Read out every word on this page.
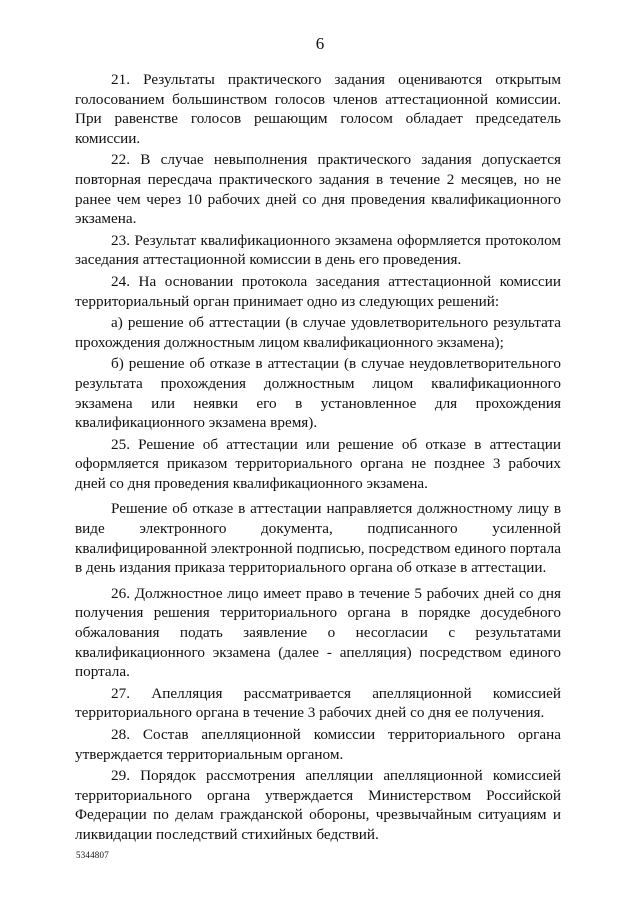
6

21. Результаты практического задания оцениваются открытым голосованием большинством голосов членов аттестационной комиссии. При равенстве голосов решающим голосом обладает председатель комиссии.

22. В случае невыполнения практического задания допускается повторная пересдача практического задания в течение 2 месяцев, но не ранее чем через 10 рабочих дней со дня проведения квалификационного экзамена.

23. Результат квалификационного экзамена оформляется протоколом заседания аттестационной комиссии в день его проведения.

24. На основании протокола заседания аттестационной комиссии территориальный орган принимает одно из следующих решений:

а) решение об аттестации (в случае удовлетворительного результата прохождения должностным лицом квалификационного экзамена);

б) решение об отказе в аттестации (в случае неудовлетворительного результата прохождения должностным лицом квалификационного экзамена или неявки его в установленное для прохождения квалификационного экзамена время).

25. Решение об аттестации или решение об отказе в аттестации оформляется приказом территориального органа не позднее 3 рабочих дней со дня проведения квалификационного экзамена.

Решение об отказе в аттестации направляется должностному лицу в виде электронного документа, подписанного усиленной квалифицированной электронной подписью, посредством единого портала в день издания приказа территориального органа об отказе в аттестации.

26. Должностное лицо имеет право в течение 5 рабочих дней со дня получения решения территориального органа в порядке досудебного обжалования подать заявление о несогласии с результатами квалификационного экзамена (далее - апелляция) посредством единого портала.

27. Апелляция рассматривается апелляционной комиссией территориального органа в течение 3 рабочих дней со дня ее получения.

28. Состав апелляционной комиссии территориального органа утверждается территориальным органом.

29. Порядок рассмотрения апелляции апелляционной комиссией территориального органа утверждается Министерством Российской Федерации по делам гражданской обороны, чрезвычайным ситуациям и ликвидации последствий стихийных бедствий.

5344807
